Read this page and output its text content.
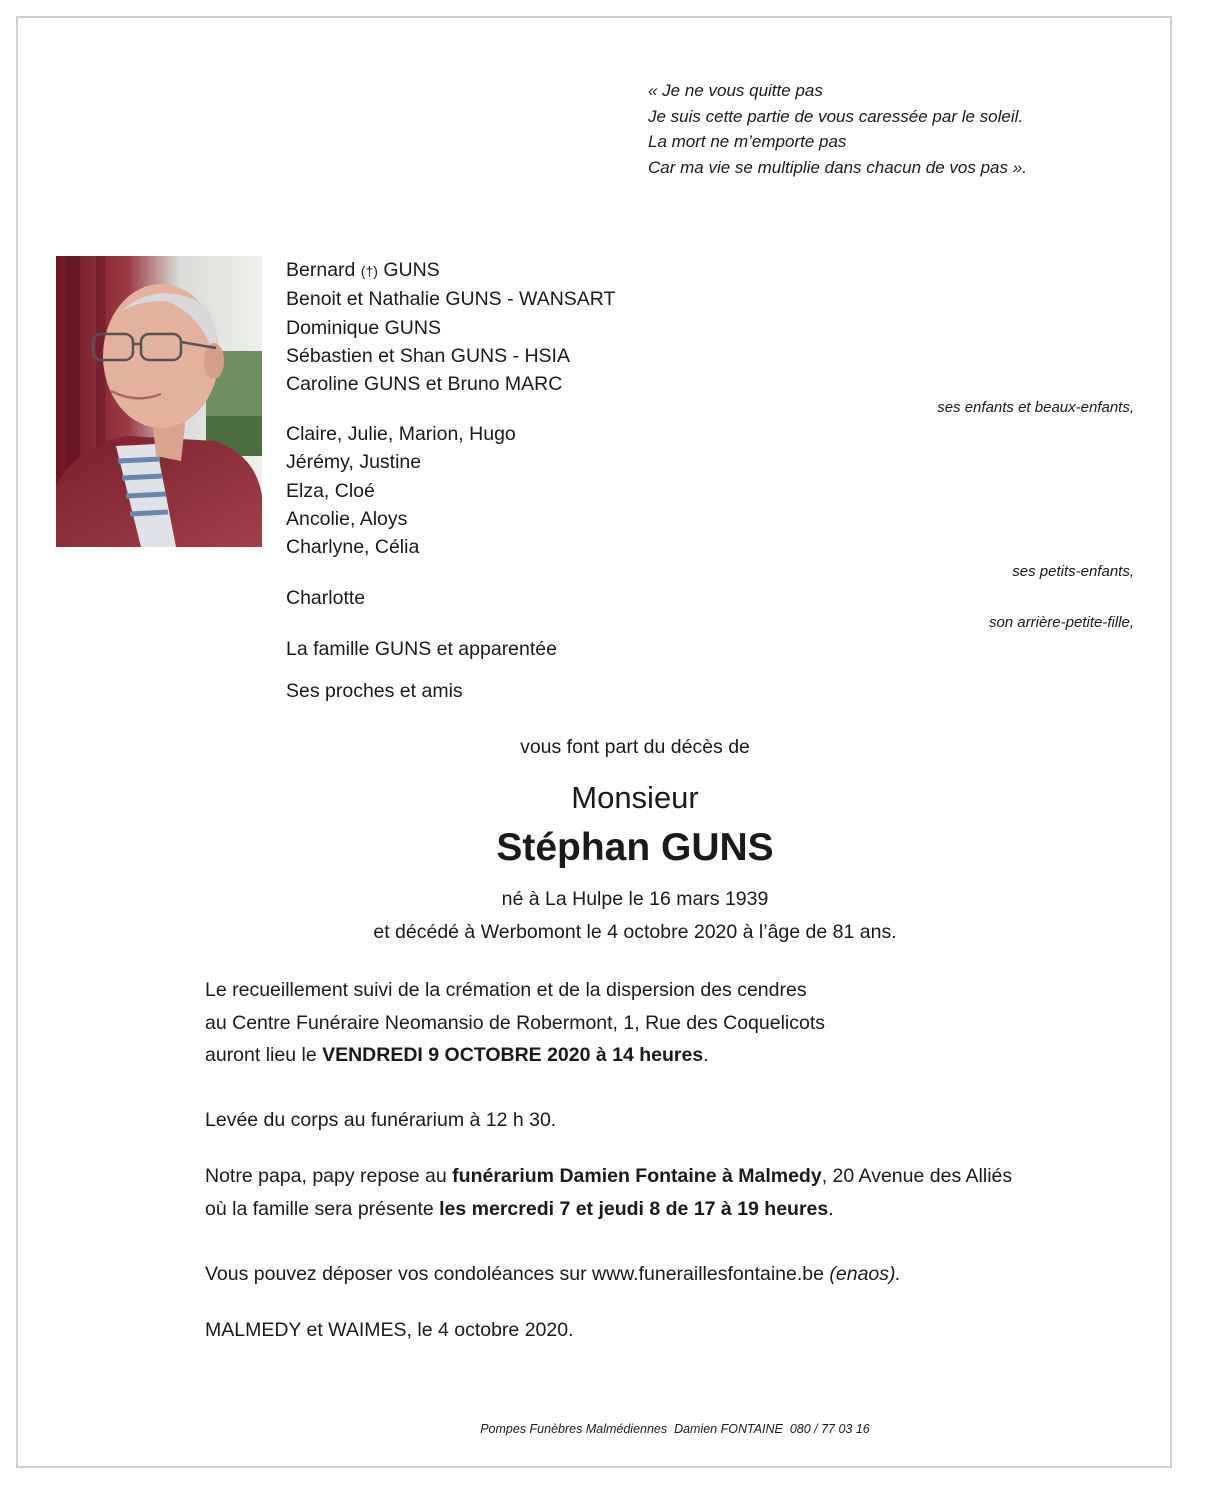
« Je ne vous quitte pas
Je suis cette partie de vous caressée par le soleil.
La mort ne m’emporte pas
Car ma vie se multiplie dans chacun de vos pas ».
Bernard (†) GUNS
Benoit et Nathalie GUNS - WANSART
Dominique GUNS
Sébastien et Shan GUNS - HSIA
Caroline GUNS et Bruno MARC
ses enfants et beaux-enfants,
Claire, Julie, Marion, Hugo
Jérémy, Justine
Elza, Cloé
Ancolie, Aloys
Charlyne, Célia
ses petits-enfants,
Charlotte
son arrière-petite-fille,
La famille GUNS et apparentée
Ses proches et amis
vous font part du décès de
Monsieur
Stéphan GUNS
né à La Hulpe le 16 mars 1939
et décédé à Werbomont le 4 octobre 2020 à l’âge de 81 ans.
Le recueillement suivi de la crémation et de la dispersion des cendres
au Centre Funéraire Neomansio de Robermont, 1, Rue des Coquelicots
auront lieu le VENDREDI 9 OCTOBRE 2020 à 14 heures.
Levée du corps au funérarium à 12 h 30.
Notre papa, papy repose au funérarium Damien Fontaine à Malmedy, 20 Avenue des Alliés
où la famille sera présente les mercredi 7 et jeudi 8 de 17 à 19 heures.
Vous pouvez déposer vos condoléances sur www.funeraillesfontaine.be (enaos).
MALMEDY et WAIMES, le 4 octobre 2020.
Pompes Funèbres Malmédiennes  Damien FONTAINE  080 / 77 03 16
